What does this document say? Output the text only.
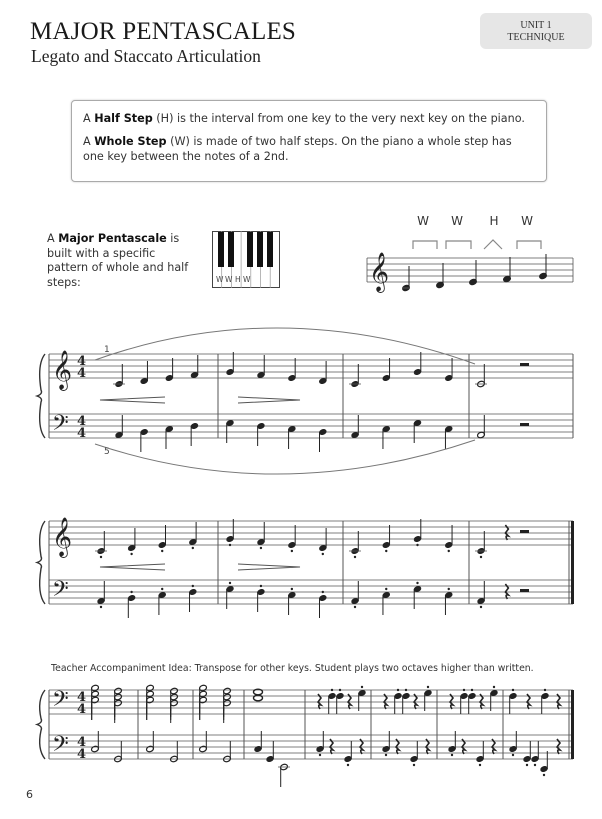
MAJOR PENTASCALES
Legato and Staccato Articulation
UNIT 1
TECHNIQUE

A Half Step (H) is the interval from one key to the very next key on the piano.

A Whole Step (W) is made of two half steps. On the piano a whole step has one key between the notes of a 2nd.

A Major Pentascale is built with a specific pattern of whole and half steps:	W W H W	𝄞
W W H W
𝄞
𝄢
4
4
4
4
1
5
𝄞
𝄢
𝄢
𝄢
4
4
4
4
Teacher Accompaniment Idea: Transpose for other keys. Student plays two octaves higher than written.
6
